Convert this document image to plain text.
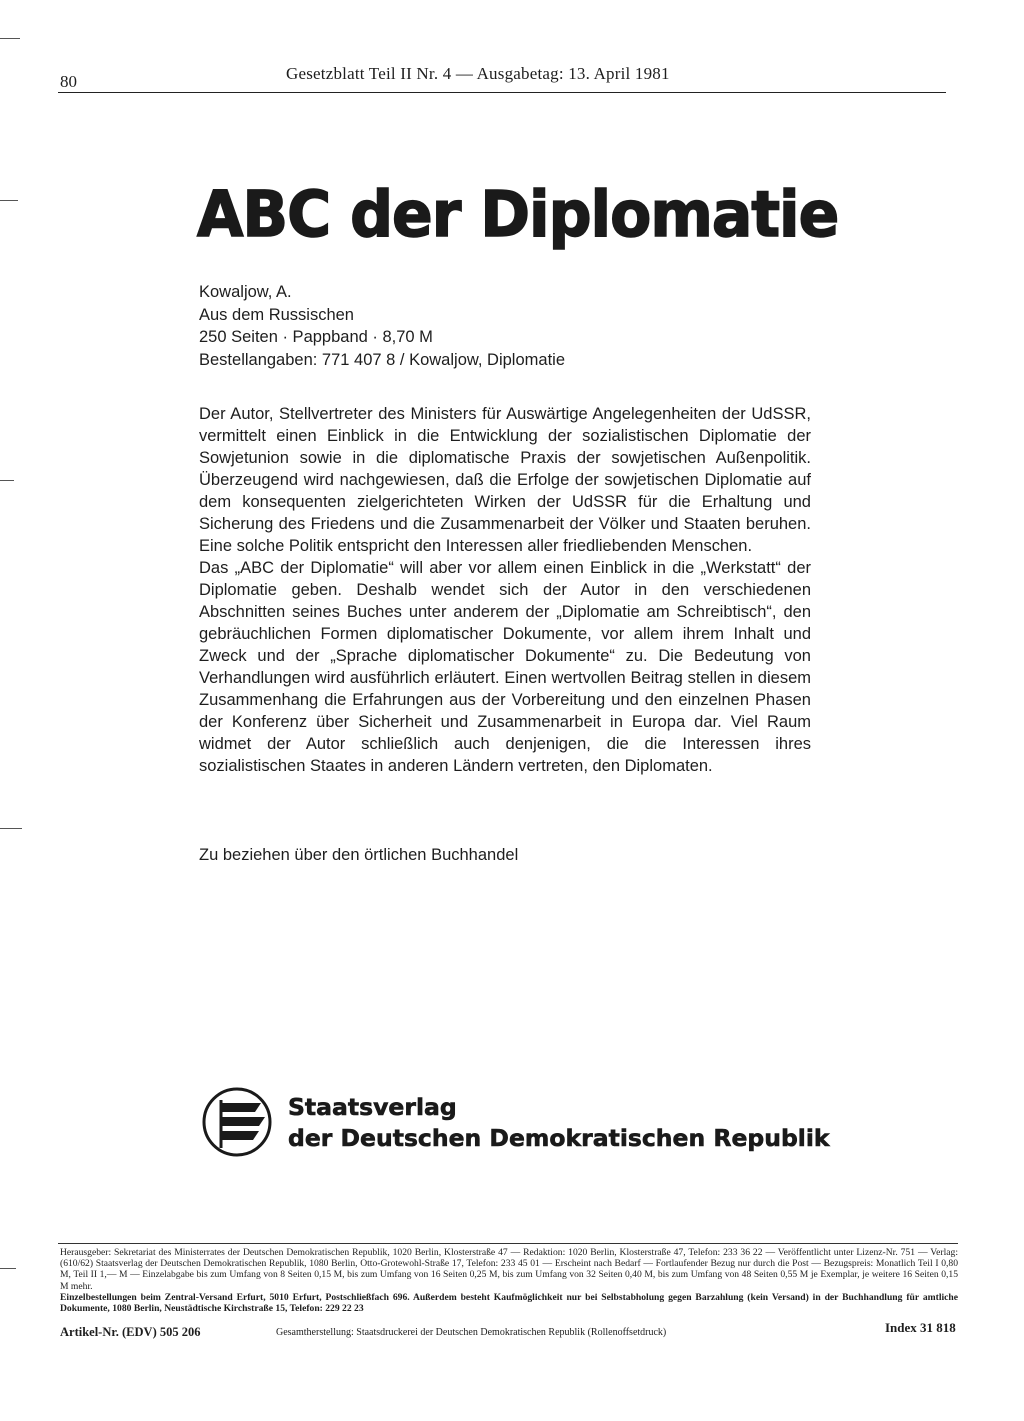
80	Gesetzblatt Teil II Nr. 4 — Ausgabetag: 13. April 1981
ABC der Diplomatie
Kowaljow, A.
Aus dem Russischen
250 Seiten · Pappband · 8,70 M
Bestellangaben: 771 407 8 / Kowaljow, Diplomatie

Der Autor, Stellvertreter des Ministers für Auswärtige Angelegenheiten der UdSSR, vermittelt einen Einblick in die Entwicklung der sozialistischen Diplomatie der Sowjetunion sowie in die diplomatische Praxis der sowjetischen Außenpolitik. Überzeugend wird nachgewiesen, daß die Erfolge der sowjetischen Diplomatie auf dem konsequenten zielgerichteten Wirken der UdSSR für die Erhaltung und Sicherung des Friedens und die Zusammenarbeit der Völker und Staaten beruhen. Eine solche Politik entspricht den Interessen aller friedliebenden Menschen.

Das „ABC der Diplomatie“ will aber vor allem einen Einblick in die „Werkstatt“ der Diplomatie geben. Deshalb wendet sich der Autor in den verschiedenen Abschnitten seines Buches unter anderem der „Diplomatie am Schreibtisch“, den gebräuchlichen Formen diplomatischer Dokumente, vor allem ihrem Inhalt und Zweck und der „Sprache diplomatischer Dokumente“ zu. Die Bedeutung von Verhandlungen wird ausführlich erläutert. Einen wertvollen Beitrag stellen in diesem Zusammenhang die Erfahrungen aus der Vorbereitung und den einzelnen Phasen der Konferenz über Sicherheit und Zusammenarbeit in Europa dar. Viel Raum widmet der Autor schließlich auch denjenigen, die die Interessen ihres sozialistischen Staates in anderen Ländern vertreten, den Diplomaten.

Zu beziehen über den örtlichen Buchhandel
Staatsverlag
der Deutschen Demokratischen Republik
Herausgeber: Sekretariat des Ministerrates der Deutschen Demokratischen Republik, 1020 Berlin, Klosterstraße 47 — Redaktion: 1020 Berlin, Klosterstraße 47, Telefon: 233 36 22 — Veröffentlicht unter Lizenz-Nr. 751 — Verlag: (610/62) Staatsverlag der Deutschen Demokratischen Republik, 1080 Berlin, Otto-Grotewohl-Straße 17, Telefon: 233 45 01 — Erscheint nach Bedarf — Fortlaufender Bezug nur durch die Post — Bezugspreis: Monatlich Teil I 0,80 M, Teil II 1,— M — Einzelabgabe bis zum Umfang von 8 Seiten 0,15 M, bis zum Umfang von 16 Seiten 0,25 M, bis zum Umfang von 32 Seiten 0,40 M, bis zum Umfang von 48 Seiten 0,55 M je Exemplar, je weitere 16 Seiten 0,15 M mehr.
Einzelbestellungen beim Zentral-Versand Erfurt, 5010 Erfurt, Postschließfach 696. Außerdem besteht Kaufmöglichkeit nur bei Selbstabholung gegen Barzahlung (kein Versand) in der Buchhandlung für amtliche Dokumente, 1080 Berlin, Neustädtische Kirchstraße 15, Telefon: 229 22 23
Artikel-Nr. (EDV) 505 206	Gesamtherstellung: Staatsdruckerei der Deutschen Demokratischen Republik (Rollenoffsetdruck)	Index 31 818
